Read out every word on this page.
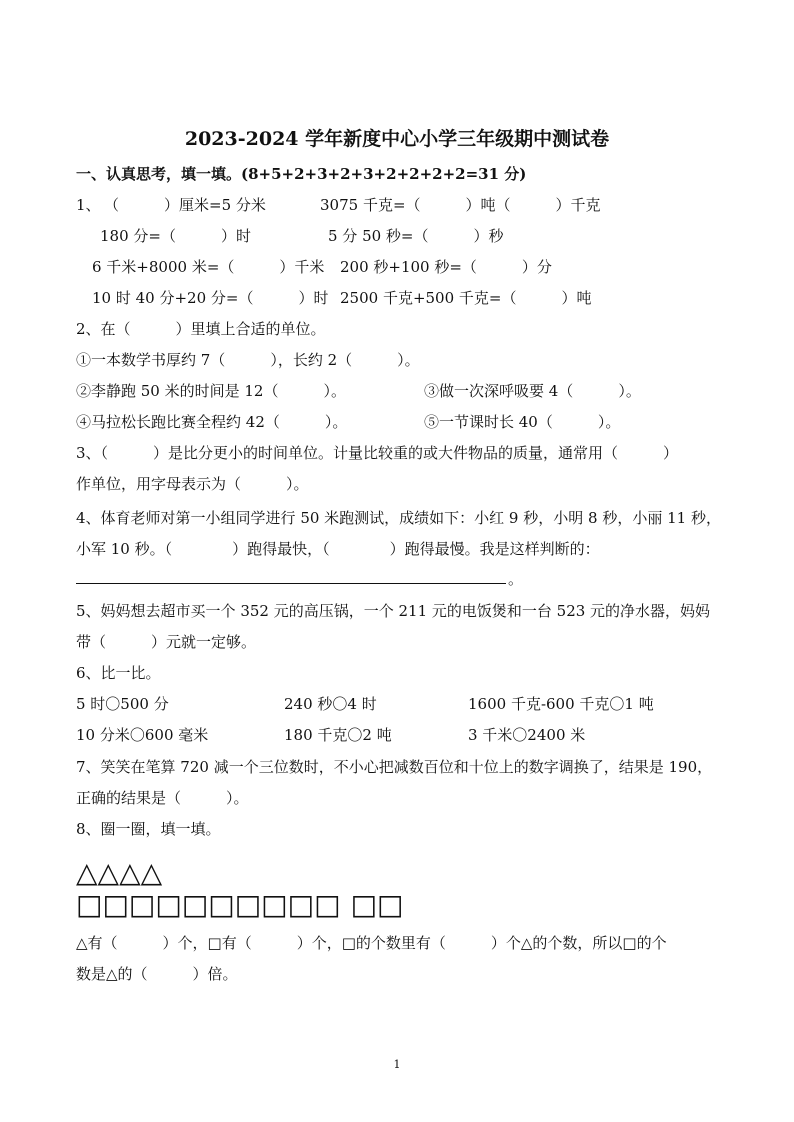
2023-2024 学年新度中心小学三年级期中测试卷
一、认真思考，填一填。(8+5+2+3+2+3+2+2+2+2=31 分)
1、 （　　　）厘米=5 分米	3075 千克=（　　　）吨（　　　）千克
180 分=（　　　）时	5 分 50 秒=（　　　）秒
6 千米+8000 米=（　　　）千米 200 秒+100 秒=（　　　）分
10 时 40 分+20 分=（　　　）时 2500 千克+500 千克=（　　　）吨
2、在（　　　）里填上合适的单位。
①一本数学书厚约 7（　　　），长约 2（　　　）。
②李静跑 50 米的时间是 12（　　　）。	③做一次深呼吸要 4（　　　）。
④马拉松长跑比赛全程约 42（　　　）。	⑤一节课时长 40（　　　）。
3、（　　　）是比分更小的时间单位。计量比较重的或大件物品的质量，通常用（　　　）
作单位，用字母表示为（　　　）。
4、体育老师对第一小组同学进行 50 米跑测试，成绩如下：小红 9 秒，小明 8 秒，小丽 11 秒，
小军 10 秒。（　　　　）跑得最快，（　　　　）跑得最慢。我是这样判断的：
。
5、妈妈想去超市买一个 352 元的高压锅，一个 211 元的电饭煲和一台 523 元的净水器，妈妈
带（　　　）元就一定够。
6、比一比。
5 时〇500 分	240 秒〇4 时	1600 千克-600 千克〇1 吨
10 分米〇600 毫米	180 千克〇2 吨	3 千米〇2400 米
7、笑笑在笔算 720 减一个三位数时，不小心把减数百位和十位上的数字调换了，结果是 190，
正确的结果是（　　　）。
8、圈一圈，填一填。
△△△△
□□□□□□□□□□ □□
△有（　　　）个，□有（　　　）个，□的个数里有（　　　）个△的个数，所以□的个
数是△的（　　　）倍。
1
